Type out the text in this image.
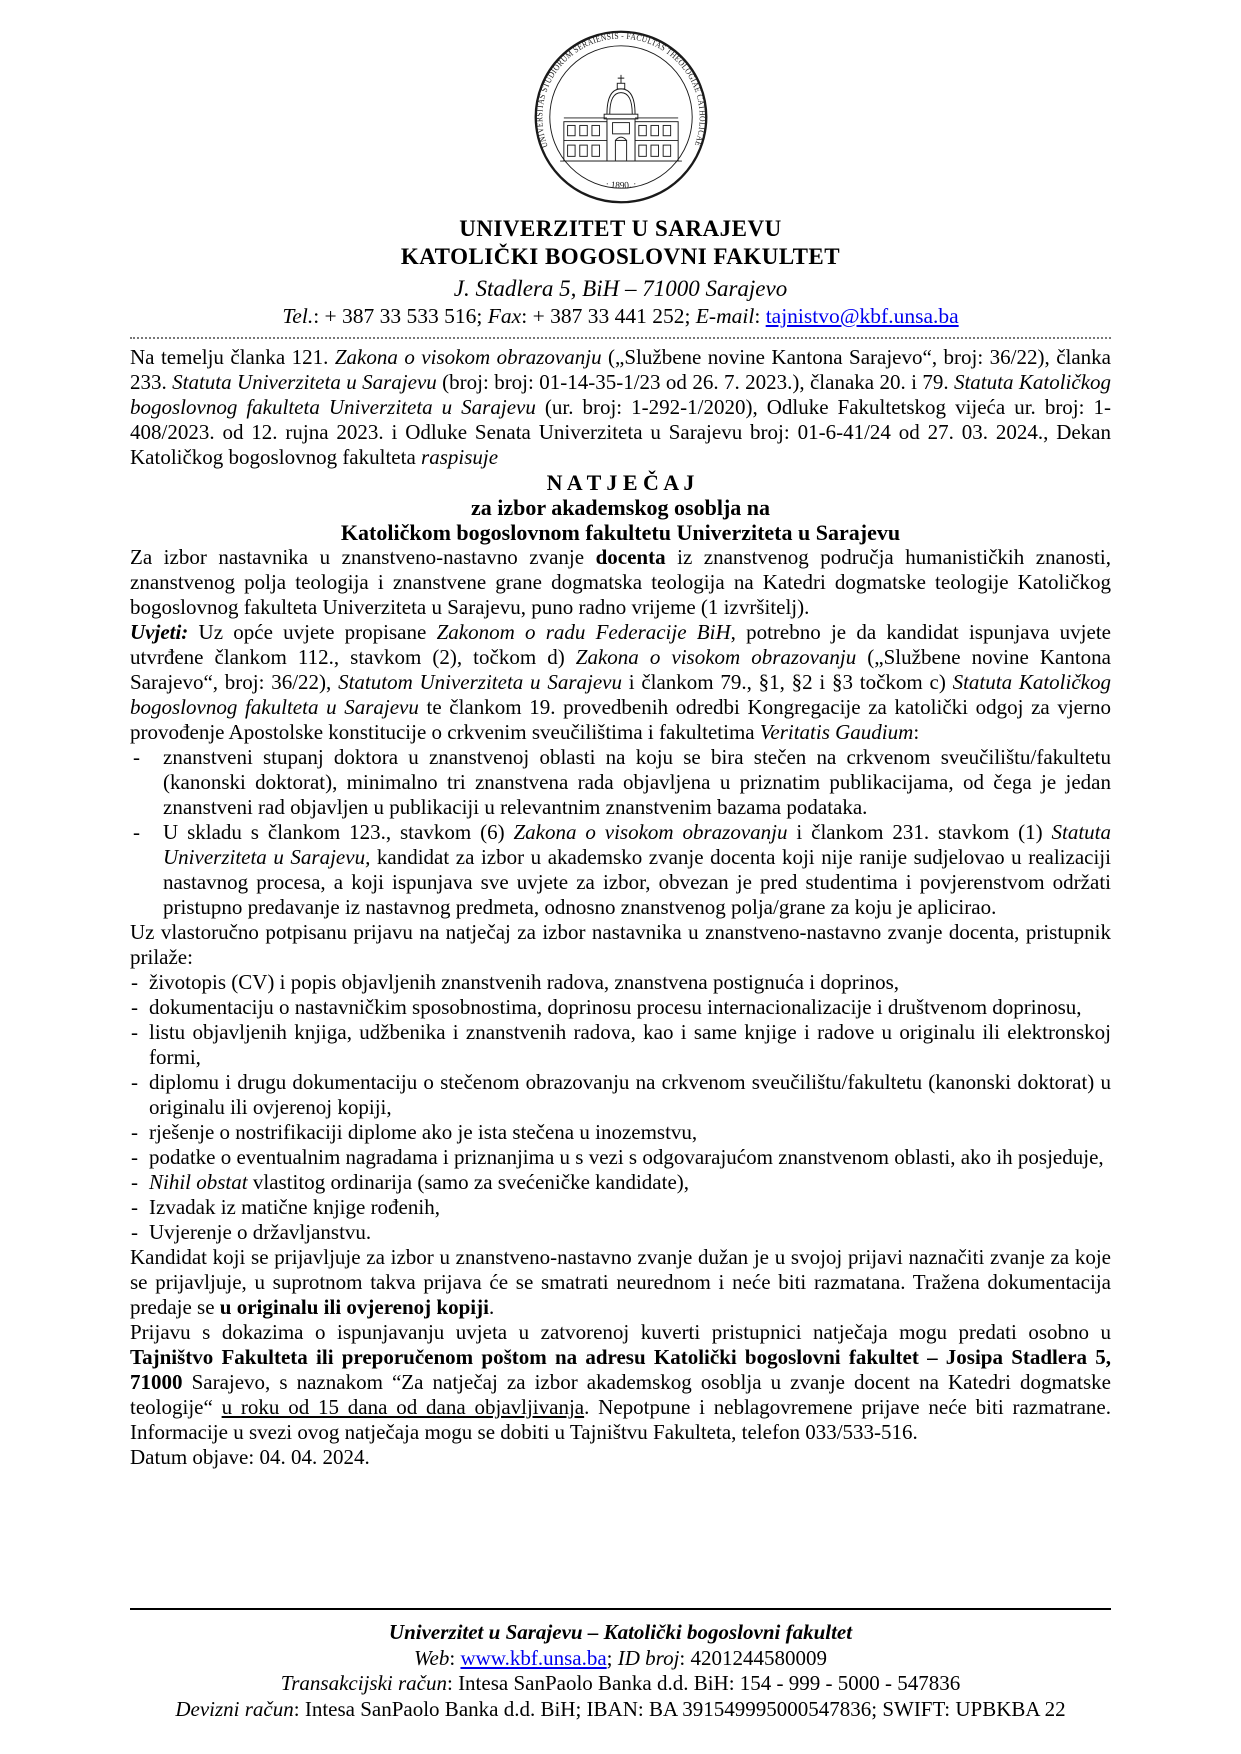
UNIVERSITAS STUDIORUM SERAIENSIS - FACULTAS THEOLOGIAE CATHOLICAE
· 1890. ·
UNIVERZITET U SARAJEVU
KATOLIČKI BOGOSLOVNI FAKULTET
J. Stadlera 5, BiH – 71000 Sarajevo
Tel.: + 387 33 533 516; Fax: + 387 33 441 252; E-mail: tajnistvo@kbf.unsa.ba

Na temelju članka 121. Zakona o visokom obrazovanju („Službene novine Kantona Sarajevo“, broj: 36/22), članka 233. Statuta Univerziteta u Sarajevu (broj: broj: 01-14-35-1/23 od 26. 7. 2023.), članaka 20. i 79. Statuta Katoličkog bogoslovnog fakulteta Univerziteta u Sarajevu (ur. broj: 1-292-1/2020), Odluke Fakultetskog vijeća ur. broj: 1-408/2023. od 12. rujna 2023. i Odluke Senata Univerziteta u Sarajevu broj: 01-6-41/24 od 27. 03. 2024., Dekan Katoličkog bogoslovnog fakulteta raspisuje

N A T J E Č A J
za izbor akademskog osoblja na
Katoličkom bogoslovnom fakultetu Univerziteta u Sarajevu

Za izbor nastavnika u znanstveno-nastavno zvanje docenta iz znanstvenog područja humanističkih znanosti, znanstvenog polja teologija i znanstvene grane dogmatska teologija na Katedri dogmatske teologije Katoličkog bogoslovnog fakulteta Univerziteta u Sarajevu, puno radno vrijeme (1 izvršitelj).

Uvjeti: Uz opće uvjete propisane Zakonom o radu Federacije BiH, potrebno je da kandidat ispunjava uvjete utvrđene člankom 112., stavkom (2), točkom d) Zakona o visokom obrazovanju („Službene novine Kantona Sarajevo“, broj: 36/22), Statutom Univerziteta u Sarajevu i člankom 79., §1, §2 i §3 točkom c) Statuta Katoličkog bogoslovnog fakulteta u Sarajevu te člankom 19. provedbenih odredbi Kongregacije za katolički odgoj za vjerno provođenje Apostolske konstitucije o crkvenim sveučilištima i fakultetima Veritatis Gaudium:

- znanstveni stupanj doktora u znanstvenoj oblasti na koju se bira stečen na crkvenom sveučilištu/fakultetu (kanonski doktorat), minimalno tri znanstvena rada objavljena u priznatim publikacijama, od čega je jedan znanstveni rad objavljen u publikaciji u relevantnim znanstvenim bazama podataka.
- U skladu s člankom 123., stavkom (6) Zakona o visokom obrazovanju i člankom 231. stavkom (1) Statuta Univerziteta u Sarajevu, kandidat za izbor u akademsko zvanje docenta koji nije ranije sudjelovao u realizaciji nastavnog procesa, a koji ispunjava sve uvjete za izbor, obvezan je pred studentima i povjerenstvom održati pristupno predavanje iz nastavnog predmeta, odnosno znanstvenog polja/grane za koju je aplicirao.

Uz vlastoručno potpisanu prijavu na natječaj za izbor nastavnika u znanstveno-nastavno zvanje docenta, pristupnik prilaže:

- životopis (CV) i popis objavljenih znanstvenih radova, znanstvena postignuća i doprinos,
- dokumentaciju o nastavničkim sposobnostima, doprinosu procesu internacionalizacije i društvenom doprinosu,
- listu objavljenih knjiga, udžbenika i znanstvenih radova, kao i same knjige i radove u originalu ili elektronskoj formi,
- diplomu i drugu dokumentaciju o stečenom obrazovanju na crkvenom sveučilištu/fakultetu (kanonski doktorat) u originalu ili ovjerenoj kopiji,
- rješenje o nostrifikaciji diplome ako je ista stečena u inozemstvu,
- podatke o eventualnim nagradama i priznanjima u s vezi s odgovarajućom znanstvenom oblasti, ako ih posjeduje,
- Nihil obstat vlastitog ordinarija (samo za svećeničke kandidate),
- Izvadak iz matične knjige rođenih,
- Uvjerenje o državljanstvu.

Kandidat koji se prijavljuje za izbor u znanstveno-nastavno zvanje dužan je u svojoj prijavi naznačiti zvanje za koje se prijavljuje, u suprotnom takva prijava će se smatrati neurednom i neće biti razmatana. Tražena dokumentacija predaje se u originalu ili ovjerenoj kopiji.

Prijavu s dokazima o ispunjavanju uvjeta u zatvorenoj kuverti pristupnici natječaja mogu predati osobno u Tajništvo Fakulteta ili preporučenom poštom na adresu Katolički bogoslovni fakultet – Josipa Stadlera 5, 71000 Sarajevo, s naznakom “Za natječaj za izbor akademskog osoblja u zvanje docent na Katedri dogmatske teologije“ u roku od 15 dana od dana objavljivanja. Nepotpune i neblagovremene prijave neće biti razmatrane. Informacije u svezi ovog natječaja mogu se dobiti u Tajništvu Fakulteta, telefon 033/533-516.

Datum objave: 04. 04. 2024.

Univerzitet u Sarajevu – Katolički bogoslovni fakultet
Web: www.kbf.unsa.ba; ID broj: 4201244580009
Transakcijski račun: Intesa SanPaolo Banka d.d. BiH: 154 - 999 - 5000 - 547836
Devizni račun: Intesa SanPaolo Banka d.d. BiH; IBAN: BA 391549995000547836; SWIFT: UPBKBA 22
